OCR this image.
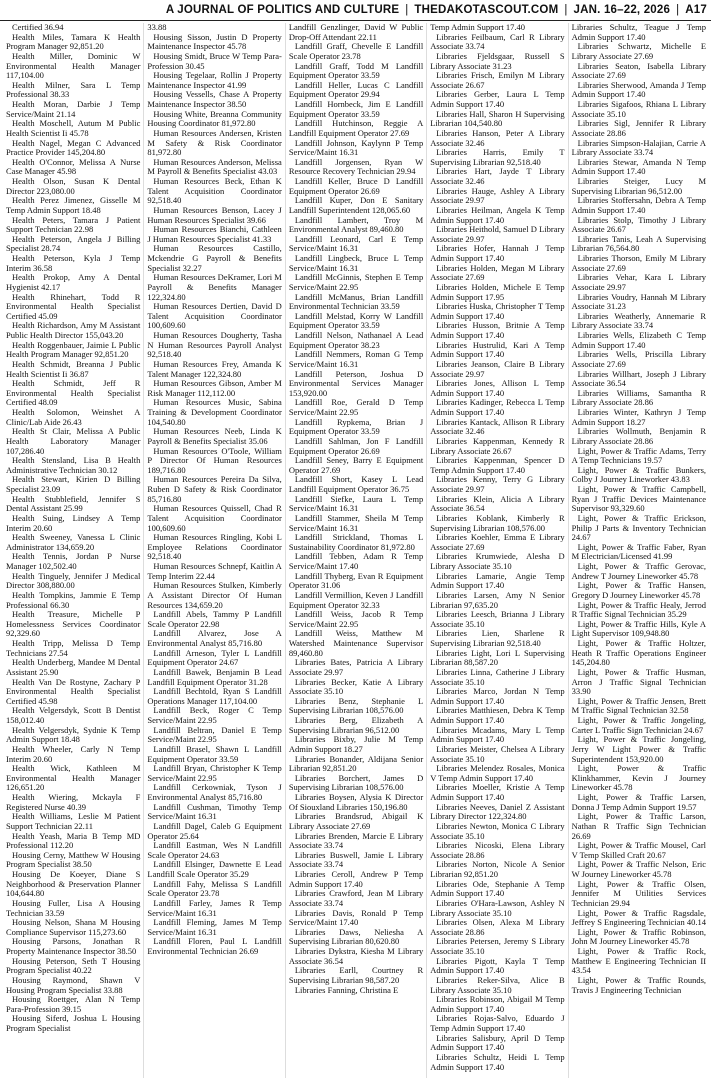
A JOURNAL OF POLITICS AND CULTURE | THEDAKOTASCOUT.COM | JAN. 16–22, 2026 | A17

Certified 36.94

Health Miles, Tamara K Health Program Manager 92,851.20

Health Miller, Dominic W Environmental Health Manager 117,104.00

Health Milner, Sara L Temp Professional 38.33

Health Moran, Darbie J Temp Service/Maint 21.14

Health Moschell, Autum M Public Health Scientist Ii 45.78

Health Nagel, Megan C Advanced Practice Provider 145,204.80

Health O'Connor, Melissa A Nurse Case Manager 45.98

Health Olson, Susan K Dental Director 223,080.00

Health Perez Jimenez, Gisselle M Temp Admin Support 18.48

Health Peters, Tamara J Patient Support Technician 22.98

Health Peterson, Angela J Billing Specialist 28.74

Health Peterson, Kyla J Temp Interim 36.58

Health Prokop, Amy A Dental Hygienist 42.17

Health Rhinehart, Todd R Environmental Health Specialist Certified 45.09

Health Richardson, Amy M Assistant Public Health Director 155,043.20

Health Roggenbauer, Jaimie L Public Health Program Manager 92,851.20

Health Schmidt, Breanna J Public Health Scientist Ii 36.87

Health Schmidt, Jeff R Environmental Health Specialist Certified 48.09

Health Solomon, Weinshet A Clinic/Lab Aide 26.43

Health St Clair, Melissa A Public Health Laboratory Manager 107,286.40

Health Stensland, Lisa B Health Administrative Technician 30.12

Health Stewart, Kirien D Billing Specialist 23.09

Health Stubblefield, Jennifer S Dental Assistant 25.99

Health Suing, Lindsey A Temp Interim 20.60

Health Sweeney, Vanessa L Clinic Administrator 134,659.20

Health Tennis, Jordan P Nurse Manager 102,502.40

Health Tinguely, Jennifer J Medical Director 308,880.00

Health Tompkins, Jammie E Temp Professional 66.30

Health Treasure, Michelle P Homelessness Services Coordinator 92,329.60

Health Tripp, Melissa D Temp Technicians 27.54

Health Underberg, Mandee M Dental Assistant 25.90

Health Van De Rostyne, Zachary P Environmental Health Specialist Certified 45.98

Health Velgersdyk, Scott B Dentist 158,012.40

Health Velgersdyk, Sydnie K Temp Admin Support 18.48

Health Wheeler, Carly N Temp Interim 20.60

Health Wick, Kathleen M Environmental Health Manager 126,651.20

Health Wiering, Mckayla F Registered Nurse 40.39

Health Williams, Leslie M Patient Support Technician 22.11

Health Yeash, Maria B Temp MD Professional 112.20

Housing Cerny, Matthew W Housing Program Specialist 38.50

Housing De Koeyer, Diane S Neighborhood & Preservation Planner 104,644.80

Housing Fuller, Lisa A Housing Technician 33.59

Housing Nelson, Shana M Housing Compliance Supervisor 115,273.60

Housing Parsons, Jonathan R Property Maintenance Inspector 38.50

Housing Peterson, Seth T Housing Program Specialist 40.22

Housing Raymond, Shawn V Housing Program Specialist 33.88

Housing Roettger, Alan N Temp Para-Profession 39.15

Housing Siferd, Joshua L Housing Program Specialist

33.88

Housing Sisson, Justin D Property Maintenance Inspector 45.78

Housing Smidt, Bruce W Temp Para-Profession 30.45

Housing Tegelaar, Rollin J Property Maintenance Inspector 41.99

Housing Vessells, Chase A Property Maintenance Inspector 38.50

Housing White, Breanna Community Housing Coordinator 81,972.80

Human Resources Andersen, Kristen M Safety & Risk Coordinator 81,972.80

Human Resources Anderson, Melissa M Payroll & Benefits Specialist 43.03

Human Resources Beck, Ethan K Talent Acquisition Coordinator 92,518.40

Human Resources Benson, Lacey J Human Resources Specialist 39.66

Human Resources Bianchi, Cathleen J Human Resources Specialist 41.33

Human Resources Castillo, Mckendrie G Payroll & Benefits Specialist 32.27

Human Resources DeKramer, Lori M Payroll & Benefits Manager 122,324.80

Human Resources Dertien, David D Talent Acquisition Coordinator 100,609.60

Human Resources Dougherty, Tasha N Human Resources Payroll Analyst 92,518.40

Human Resources Frey, Amanda K Talent Manager 122,324.80

Human Resources Gibson, Amber M Risk Manager 112,112.00

Human Resources Music, Sabina Training & Development Coordinator 104,540.80

Human Resources Neeb, Linda K Payroll & Benefits Specialist 35.06

Human Resources O'Toole, William P Director Of Human Resources 189,716.80

Human Resources Pereira Da Silva, Ruben D Safety & Risk Coordinator 85,716.80

Human Resources Quissell, Chad R Talent Acquisition Coordinator 100,609.60

Human Resources Ringling, Kobi L Employee Relations Coordinator 92,518.40

Human Resources Schnepf, Kaitlin A Temp Interim 22.44

Human Resources Stulken, Kimberly A Assistant Director Of Human Resources 134,659.20

Landfill Abels, Tammy P Landfill Scale Operator 22.98

Landfill Alvarez, Jose A Environmental Analyst 85,716.80

Landfill Arneson, Tyler L Landfill Equipment Operator 24.67

Landfill Bawek, Benjamin B Lead Landfill Equipment Operator 31.28

Landfill Bechtold, Ryan S Landfill Operations Manager 117,104.00

Landfill Beck, Roger C Temp Service/Maint 22.95

Landfill Beltran, Daniel E Temp Service/Maint 22.95

Landfill Brasel, Shawn L Landfill Equipment Operator 33.59

Landfill Bryan, Christopher K Temp Service/Maint 22.95

Landfill Cerkowniak, Tyson J Environmental Analyst 85,716.80

Landfill Cushman, Timothy Temp Service/Maint 16.31

Landfill Dagel, Caleb G Equipment Operator 25.64

Landfill Eastman, Wes N Landfill Scale Operator 24.63

Landfill Elsinger, Dawnette E Lead Landfill Scale Operator 35.29

Landfill Fahy, Melissa S Landfill Scale Operator 23.78

Landfill Farley, James R Temp Service/Maint 16.31

Landfill Fleming, James M Temp Service/Maint 16.31

Landfill Floren, Paul L Landfill Environmental Technician 26.69

Landfill Genzlinger, David W Public Drop-Off Attendant 22.11

Landfill Graff, Chevelle E Landfill Scale Operator 23.78

Landfill Graff, Todd M Landfill Equipment Operator 33.59

Landfill Heller, Lucas C Landfill Equipment Operator 29.94

Landfill Hornbeck, Jim E Landfill Equipment Operator 33.59

Landfill Hutchinson, Reggie A Landfill Equipment Operator 27.69

Landfill Johnson, Kaylynn P Temp Service/Maint 16.31

Landfill Jorgensen, Ryan W Resource Recovery Technician 29.94

Landfill Keller, Bruce D Landfill Equipment Operator 26.69

Landfill Kuper, Don E Sanitary Landfill Superintendent 128,065.60

Landfill Lambert, Troy M Environmental Analyst 89,460.80

Landfill Leonard, Carl E Temp Service/Maint 16.31

Landfill Lingbeck, Bruce L Temp Service/Maint 16.31

Landfill McGinnis, Stephen E Temp Service/Maint 22.95

Landfill McManus, Brian Landfill Environmental Technician 33.59

Landfill Melstad, Korry W Landfill Equipment Operator 33.59

Landfill Nelson, Nathanael A Lead Equipment Operator 38.23

Landfill Nemmers, Roman G Temp Service/Maint 16.31

Landfill Peterson, Joshua D Environmental Services Manager 153,920.00

Landfill Roe, Gerald D Temp Service/Maint 22.95

Landfill Rypkema, Brian J Equipment Operator 33.59

Landfill Sahlman, Jon F Landfill Equipment Operator 26.69

Landfill Seney, Barry E Equipment Operator 27.69

Landfill Short, Kasey L Lead Landfill Equipment Operator 36.75

Landfill Siefke, Laura L Temp Service/Maint 16.31

Landfill Stammer, Sheila M Temp Service/Maint 16.31

Landfill Strickland, Thomas L Sustainability Coordinator 81,972.80

Landfill Tebben, Adam R Temp Service/Maint 17.40

Landfill Thyberg, Evan R Equipment Operator 31.06

Landfill Vermillion, Keven J Landfill Equipment Operator 32.33

Landfill Weiss, Jacob R Temp Service/Maint 22.95

Landfill Weiss, Matthew M Watershed Maintenance Supervisor 89,460.80

Libraries Bates, Patricia A Library Associate 29.97

Libraries Becker, Katie A Library Associate 35.10

Libraries Benz, Stephanie L Supervising Librarian 108,576.00

Libraries Berg, Elizabeth A Supervising Librarian 96,512.00

Libraries Bixby, Julie M Temp Admin Support 18.27

Libraries Bonander, Aldijana Senior Librarian 92,851.20

Libraries Borchert, James D Supervising Librarian 108,576.00

Libraries Boysen, Alysia K Director Of Siouxland Libraries 150,196.80

Libraries Brandsrud, Abigail K Library Associate 27.69

Libraries Brenden, Marcie E Library Associate 33.74

Libraries Buswell, Jamie L Library Associate 33.74

Libraries Ceroll, Andrew P Temp Admin Support 17.40

Libraries Crawford, Jean M Library Associate 33.74

Libraries Davis, Ronald P Temp Service/Maint 17.40

Libraries Daws, Neliesha A Supervising Librarian 80,620.80

Libraries Dykstra, Kiesha M Library Associate 36.54

Libraries Earll, Courtney R Supervising Librarian 98,587.20

Libraries Fanning, Christina E

Temp Admin Support 17.40

Libraries Feilbaum, Carl R Library Associate 33.74

Libraries Fjeldsgaar, Russell S Library Associate 31.23

Libraries Frisch, Emilyn M Library Associate 26.67

Libraries Gerber, Laura L Temp Admin Support 17.40

Libraries Hall, Sharon H Supervising Librarian 104,540.80

Libraries Hanson, Peter A Library Associate 32.46

Libraries Harris, Emily T Supervising Librarian 92,518.40

Libraries Hart, Jayde T Library Associate 32.46

Libraries Hauge, Ashley A Library Associate 29.97

Libraries Heilman, Angela K Temp Admin Support 17.40

Libraries Heithold, Samuel D Library Associate 29.97

Libraries Hofer, Hannah J Temp Admin Support 17.40

Libraries Holden, Megan M Library Associate 27.69

Libraries Holden, Michele E Temp Admin Support 17.95

Libraries Huska, Christopher T Temp Admin Support 17.40

Libraries Husson, Britnie A Temp Admin Support 17.40

Libraries Hustrulid, Kari A Temp Admin Support 17.40

Libraries Jeanson, Claire B Library Associate 29.97

Libraries Jones, Allison L Temp Admin Support 17.40

Libraries Kadinger, Rebecca L Temp Admin Support 17.40

Libraries Kantack, Allison R Library Associate 32.46

Libraries Kappenman, Kennedy R Library Associate 26.67

Libraries Kappenman, Spencer D Temp Admin Support 17.40

Libraries Kenny, Terry G Library Associate 29.97

Libraries Klein, Alicia A Library Associate 36.54

Libraries Koblank, Kimberly R Supervising Librarian 108,576.00

Libraries Koehler, Emma E Library Associate 27.69

Libraries Krumwiede, Alesha D Library Associate 35.10

Libraries Lamarie, Angie Temp Admin Support 17.40

Libraries Larsen, Amy N Senior Librarian 97,635.20

Libraries Leesch, Brianna J Library Associate 35.10

Libraries Lien, Sharlene R Supervising Librarian 92,518.40

Libraries Light, Lori L Supervising Librarian 88,587.20

Libraries Linna, Catherine J Library Associate 35.10

Libraries Marco, Jordan N Temp Admin Support 17.40

Libraries Matthiesen, Debra K Temp Admin Support 17.40

Libraries Mcadams, Mary L Temp Admin Support 17.40

Libraries Meister, Chelsea A Library Associate 35.10

Libraries Melendez Rosales, Monica V Temp Admin Support 17.40

Libraries Moeller, Kristie A Temp Admin Support 17.40

Libraries Neeves, Daniel Z Assistant Library Director 122,324.80

Libraries Newton, Monica C Library Associate 35.10

Libraries Nicoski, Elena Library Associate 28.86

Libraries Norton, Nicole A Senior Librarian 92,851.20

Libraries Ode, Stephanie A Temp Admin Support 17.40

Libraries O'Hara-Lawson, Ashley N Library Associate 35.10

Libraries Olsen, Alexa M Library Associate 28.86

Libraries Petersen, Jeremy S Library Associate 35.10

Libraries Pigott, Kayla T Temp Admin Support 17.40

Libraries Reker-Silva, Alice B Library Associate 35.10

Libraries Robinson, Abigail M Temp Admin Support 17.40

Libraries Rojas-Salvo, Eduardo J Temp Admin Support 17.40

Libraries Salisbury, April D Temp Admin Support 17.40

Libraries Schultz, Heidi L Temp Admin Support 17.40

Libraries Schultz, Teague J Temp Admin Support 17.40

Libraries Schwartz, Michelle E Library Associate 27.69

Libraries Seaton, Isabella Library Associate 27.69

Libraries Sherwood, Amanda J Temp Admin Support 17.40

Libraries Sigafoos, Rhiana L Library Associate 35.10

Libraries Sigl, Jennifer R Library Associate 28.86

Libraries Simpson-Halajian, Carrie A Library Associate 33.74

Libraries Stewar, Amanda N Temp Admin Support 17.40

Libraries Steiger, Lucy M Supervising Librarian 96,512.00

Libraries Stoffersahn, Debra A Temp Admin Support 17.40

Libraries Stolp, Timothy J Library Associate 26.67

Libraries Tanis, Leah A Supervising Librarian 76,564.80

Libraries Thorson, Emily M Library Associate 27.69

Libraries Vehar, Kara L Library Associate 29.97

Libraries Voudry, Hannah M Library Associate 31.23

Libraries Weatherly, Annemarie R Library Associate 33.74

Libraries Wells, Elizabeth C Temp Admin Support 17.40

Libraries Wells, Priscilla Library Associate 27.69

Libraries Willhart, Joseph J Library Associate 36.54

Libraries Williams, Samantha R Library Associate 28.86

Libraries Winter, Kathryn J Temp Admin Support 18.27

Libraries Wollmuth, Benjamin R Library Associate 28.86

Light, Power & Traffic Adams, Terry A Temp Technicians 19.57

Light, Power & Traffic Bunkers, Colby J Journey Lineworker 43.83

Light, Power & Traffic Campbell, Ryan J Traffic Devices Maintenance Supervisor 93,329.60

Light, Power & Traffic Erickson, Philip J Parts & Inventory Technician 24.67

Light, Power & Traffic Faber, Ryan M Electrician/Licensed 41.99

Light, Power & Traffic Gerovac, Andrew T Journey Lineworker 45.78

Light, Power & Traffic Hansen, Gregory D Journey Lineworker 45.78

Light, Power & Traffic Healy, Jerrod R Traffic Signal Technician 35.29

Light, Power & Traffic Hills, Kyle A Light Supervisor 109,948.80

Light, Power & Traffic Holtzer, Heath R Traffic Operations Engineer 145,204.80

Light, Power & Traffic Husman, Arron J Traffic Signal Technician 33.90

Light, Power & Traffic Jensen, Brett M Traffic Signal Technician 32.58

Light, Power & Traffic Jongeling, Carter L Traffic Sign Technician 24.67

Light, Power & Traffic Jongeling, Jerry W Light Power & Traffic Superintendent 153,920.00

Light, Power & Traffic Klinkhammer, Kevin J Journey Lineworker 45.78

Light, Power & Traffic Larsen, Donna J Temp Admin Support 19.57

Light, Power & Traffic Larson, Nathan R Traffic Sign Technician 26.69

Light, Power & Traffic Mousel, Carl V Temp Skilled Craft 20.67

Light, Power & Traffic Nelson, Eric W Journey Lineworker 45.78

Light, Power & Traffic Olsen, Jennifer M Utilities Services Technician 29.94

Light, Power & Traffic Ragsdale, Jeffrey S Engineering Technician 40.14

Light, Power & Traffic Robinson, John M Journey Lineworker 45.78

Light, Power & Traffic Rock, Matthew E Engineering Technician II 43.54

Light, Power & Traffic Rounds, Travis J Engineering Technician
